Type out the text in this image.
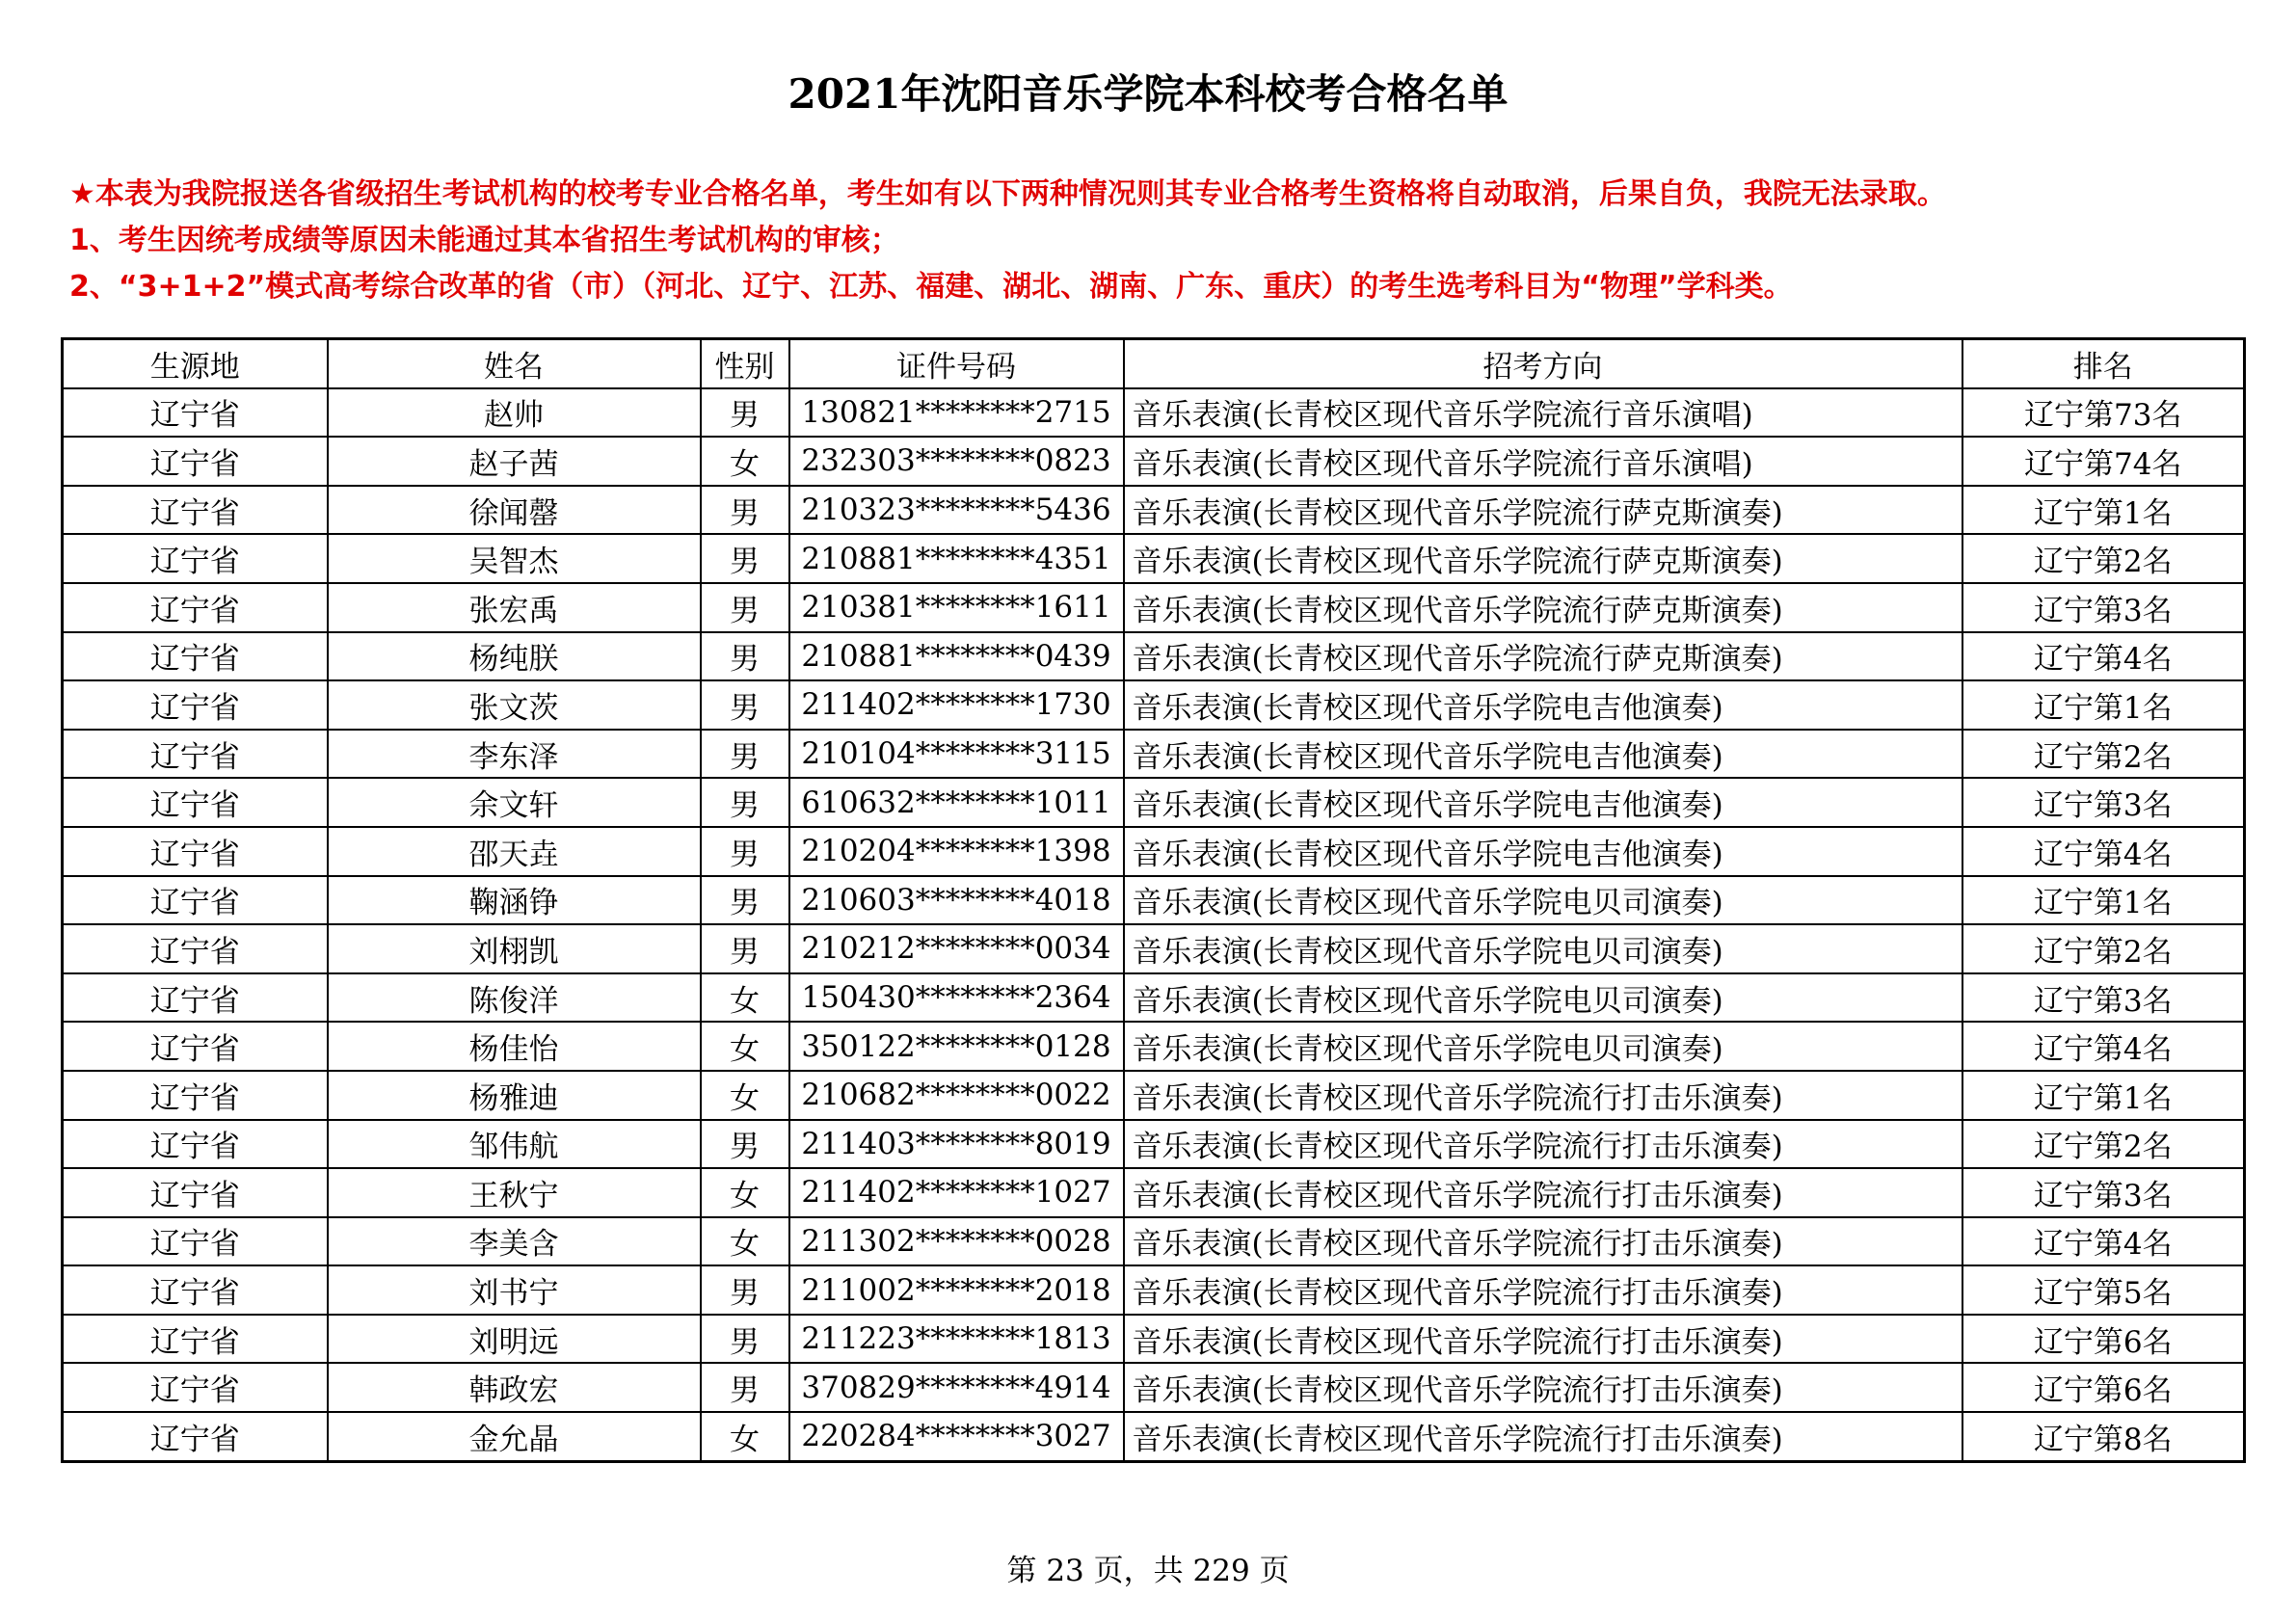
2021年沈阳音乐学院本科校考合格名单
★本表为我院报送各省级招生考试机构的校考专业合格名单，考生如有以下两种情况则其专业合格考生资格将自动取消，后果自负，我院无法录取。
1、考生因统考成绩等原因未能通过其本省招生考试机构的审核；
2、“3+1+2”模式高考综合改革的省（市）（河北、辽宁、江苏、福建、湖北、湖南、广东、重庆）的考生选考科目为“物理”学科类。
生源地	姓名	性别	证件号码	招考方向	排名
辽宁省	赵帅	男	130821********2715	音乐表演(长青校区现代音乐学院流行音乐演唱)	辽宁第73名
辽宁省	赵子茜	女	232303********0823	音乐表演(长青校区现代音乐学院流行音乐演唱)	辽宁第74名
辽宁省	徐闻罄	男	210323********5436	音乐表演(长青校区现代音乐学院流行萨克斯演奏)	辽宁第1名
辽宁省	吴智杰	男	210881********4351	音乐表演(长青校区现代音乐学院流行萨克斯演奏)	辽宁第2名
辽宁省	张宏禹	男	210381********1611	音乐表演(长青校区现代音乐学院流行萨克斯演奏)	辽宁第3名
辽宁省	杨纯朕	男	210881********0439	音乐表演(长青校区现代音乐学院流行萨克斯演奏)	辽宁第4名
辽宁省	张文茨	男	211402********1730	音乐表演(长青校区现代音乐学院电吉他演奏)	辽宁第1名
辽宁省	李东泽	男	210104********3115	音乐表演(长青校区现代音乐学院电吉他演奏)	辽宁第2名
辽宁省	余文轩	男	610632********1011	音乐表演(长青校区现代音乐学院电吉他演奏)	辽宁第3名
辽宁省	邵天垚	男	210204********1398	音乐表演(长青校区现代音乐学院电吉他演奏)	辽宁第4名
辽宁省	鞠涵铮	男	210603********4018	音乐表演(长青校区现代音乐学院电贝司演奏)	辽宁第1名
辽宁省	刘栩凯	男	210212********0034	音乐表演(长青校区现代音乐学院电贝司演奏)	辽宁第2名
辽宁省	陈俊洋	女	150430********2364	音乐表演(长青校区现代音乐学院电贝司演奏)	辽宁第3名
辽宁省	杨佳怡	女	350122********0128	音乐表演(长青校区现代音乐学院电贝司演奏)	辽宁第4名
辽宁省	杨雅迪	女	210682********0022	音乐表演(长青校区现代音乐学院流行打击乐演奏)	辽宁第1名
辽宁省	邹伟航	男	211403********8019	音乐表演(长青校区现代音乐学院流行打击乐演奏)	辽宁第2名
辽宁省	王秋宁	女	211402********1027	音乐表演(长青校区现代音乐学院流行打击乐演奏)	辽宁第3名
辽宁省	李美含	女	211302********0028	音乐表演(长青校区现代音乐学院流行打击乐演奏)	辽宁第4名
辽宁省	刘书宁	男	211002********2018	音乐表演(长青校区现代音乐学院流行打击乐演奏)	辽宁第5名
辽宁省	刘明远	男	211223********1813	音乐表演(长青校区现代音乐学院流行打击乐演奏)	辽宁第6名
辽宁省	韩政宏	男	370829********4914	音乐表演(长青校区现代音乐学院流行打击乐演奏)	辽宁第6名
辽宁省	金允晶	女	220284********3027	音乐表演(长青校区现代音乐学院流行打击乐演奏)	辽宁第8名
第 23 页，共 229 页
